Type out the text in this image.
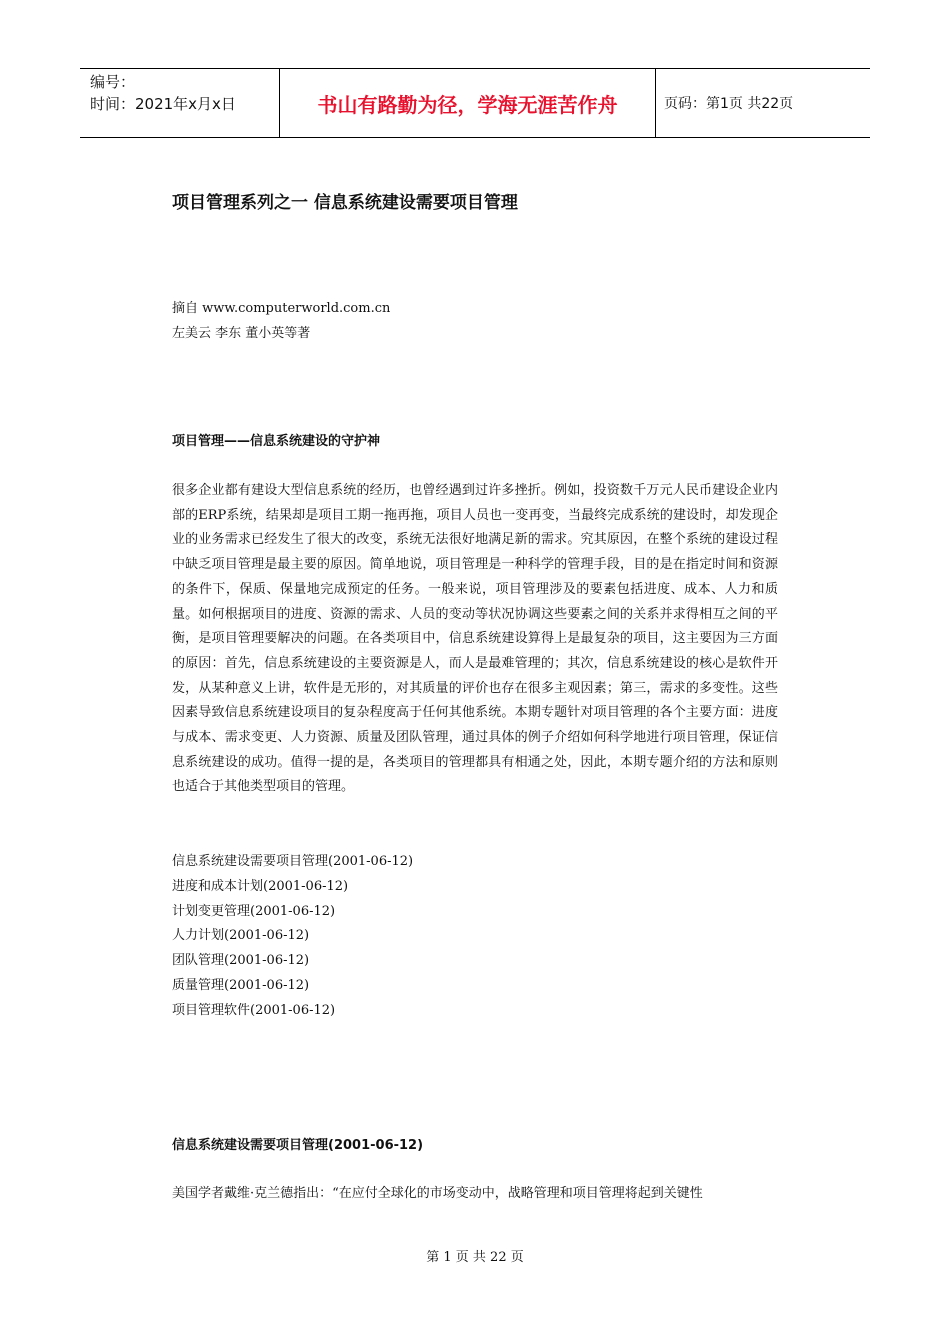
编号：
时间：2021年x月x日	书山有路勤为径，学海无涯苦作舟	页码：第1页 共22页
项目管理系列之一 信息系统建设需要项目管理
摘自 www.computerworld.com.cn
左美云 李东 董小英等著
项目管理——信息系统建设的守护神

很多企业都有建设大型信息系统的经历，也曾经遇到过许多挫折。例如，投资数千万元人民币建设企业内部的ERP系统，结果却是项目工期一拖再拖，项目人员也一变再变，当最终完成系统的建设时，却发现企业的业务需求已经发生了很大的改变，系统无法很好地满足新的需求。究其原因，在整个系统的建设过程中缺乏项目管理是最主要的原因。简单地说，项目管理是一种科学的管理手段，目的是在指定时间和资源的条件下，保质、保量地完成预定的任务。一般来说，项目管理涉及的要素包括进度、成本、人力和质量。如何根据项目的进度、资源的需求、人员的变动等状况协调这些要素之间的关系并求得相互之间的平衡，是项目管理要解决的问题。在各类项目中，信息系统建设算得上是最复杂的项目，这主要因为三方面的原因：首先，信息系统建设的主要资源是人，而人是最难管理的；其次，信息系统建设的核心是软件开发，从某种意义上讲，软件是无形的，对其质量的评价也存在很多主观因素；第三，需求的多变性。这些因素导致信息系统建设项目的复杂程度高于任何其他系统。本期专题针对项目管理的各个主要方面：进度与成本、需求变更、人力资源、质量及团队管理，通过具体的例子介绍如何科学地进行项目管理，保证信息系统建设的成功。值得一提的是，各类项目的管理都具有相通之处，因此，本期专题介绍的方法和原则也适合于其他类型项目的管理。

信息系统建设需要项目管理(2001-06-12)
进度和成本计划(2001-06-12)
计划变更管理(2001-06-12)
人力计划(2001-06-12)
团队管理(2001-06-12)
质量管理(2001-06-12)
项目管理软件(2001-06-12)
信息系统建设需要项目管理(2001-06-12)

美国学者戴维·克兰德指出：“在应付全球化的市场变动中，战略管理和项目管理将起到关键性

第 1 页 共 22 页
